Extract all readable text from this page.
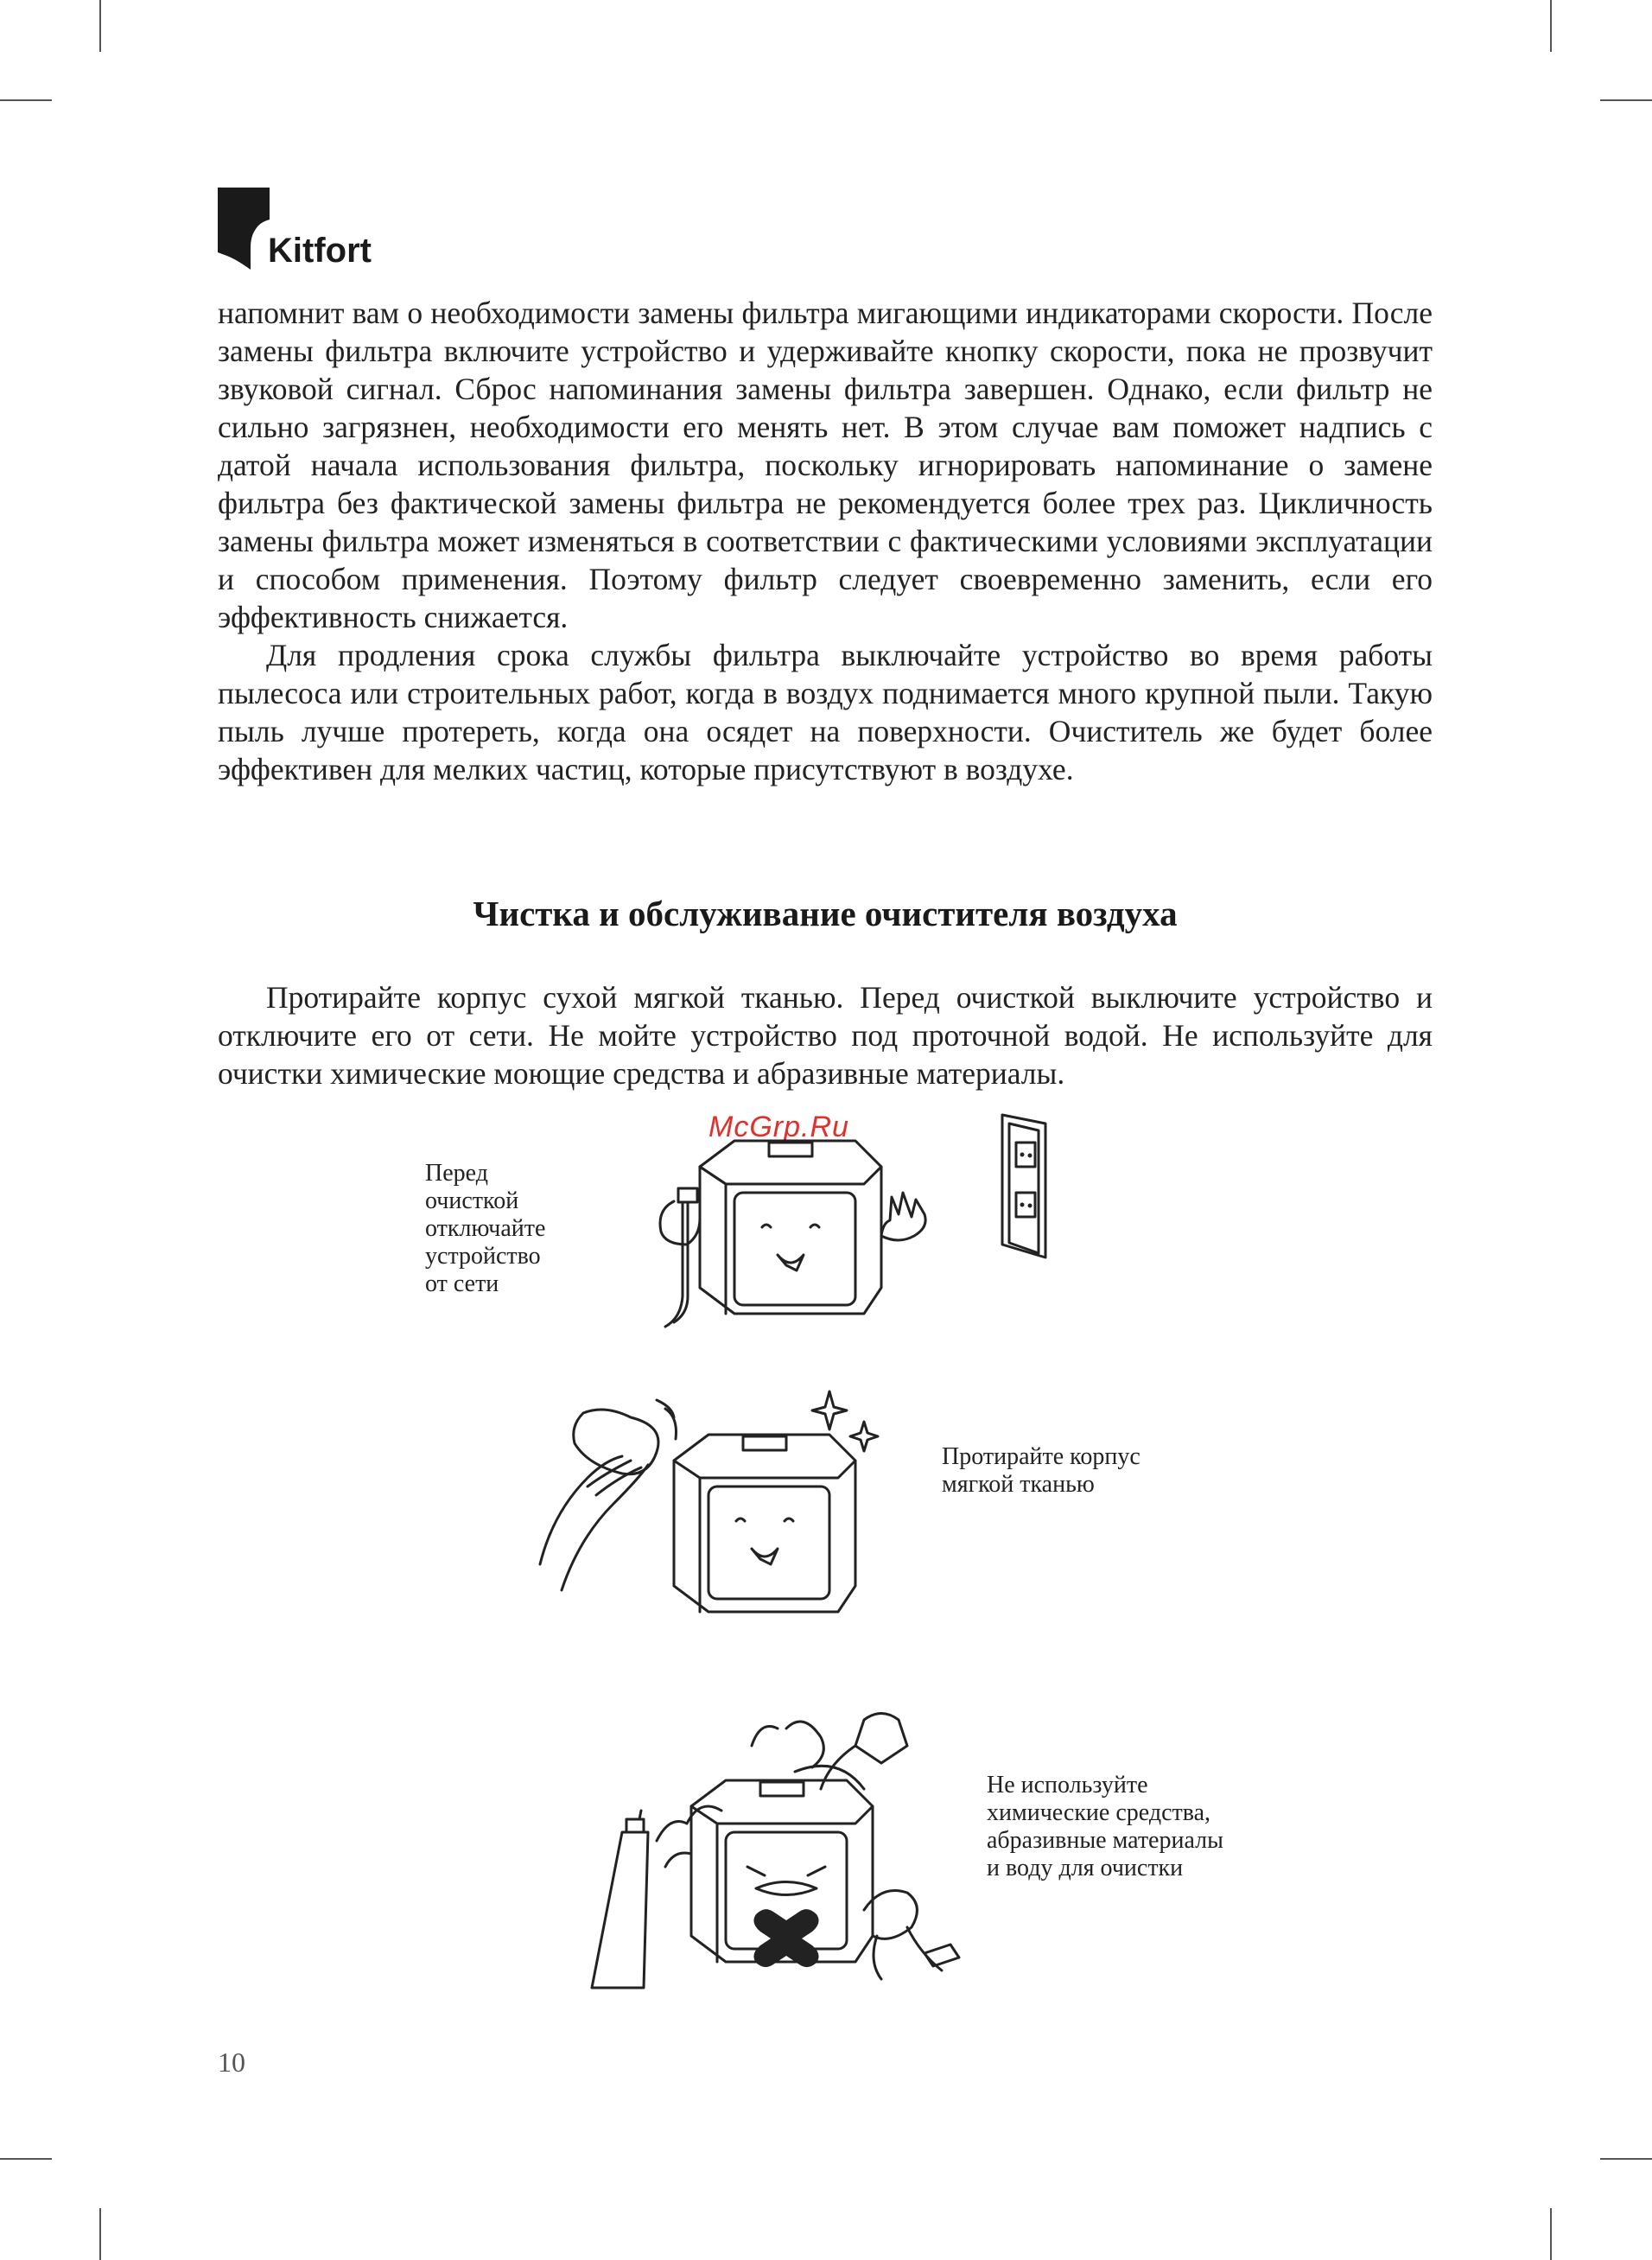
Kitfort

напомнит вам о необходимости замены фильтра мигающими индикаторами скорости. После замены фильтра включите устройство и удерживайте кнопку скорости, пока не прозвучит звуковой сигнал. Сброс напоминания замены фильтра завершен. Однако, если фильтр не сильно загрязнен, необходимости его менять нет. В этом случае вам поможет надпись с датой начала использования фильтра, поскольку игнорировать напоминание о замене фильтра без фактической замены фильтра не рекомендуется более трех раз. Цикличность замены фильтра может изменяться в соответствии с фактическими условиями эксплуатации и способом применения. Поэтому фильтр следует своевременно заменить, если его эффективность снижается.

Для продления срока службы фильтра выключайте устройство во время работы пылесоса или строительных работ, когда в воздух поднимается много крупной пыли. Такую пыль лучше протереть, когда она осядет на поверхности. Очиститель же будет более эффективен для мелких частиц, которые присутствуют в воздухе.

Чистка и обслуживание очистителя воздуха

Протирайте корпус сухой мягкой тканью. Перед очисткой выключите устройство и отключите его от сети. Не мойте устройство под проточной водой. Не используйте для очистки химические моющие средства и абразивные материалы.

McGrp.Ru
Перед
очисткой
отключайте
устройство
от сети
Протирайте корпус
мягкой тканью
Не используйте
химические средства,
абразивные материалы
и воду для очистки
10
